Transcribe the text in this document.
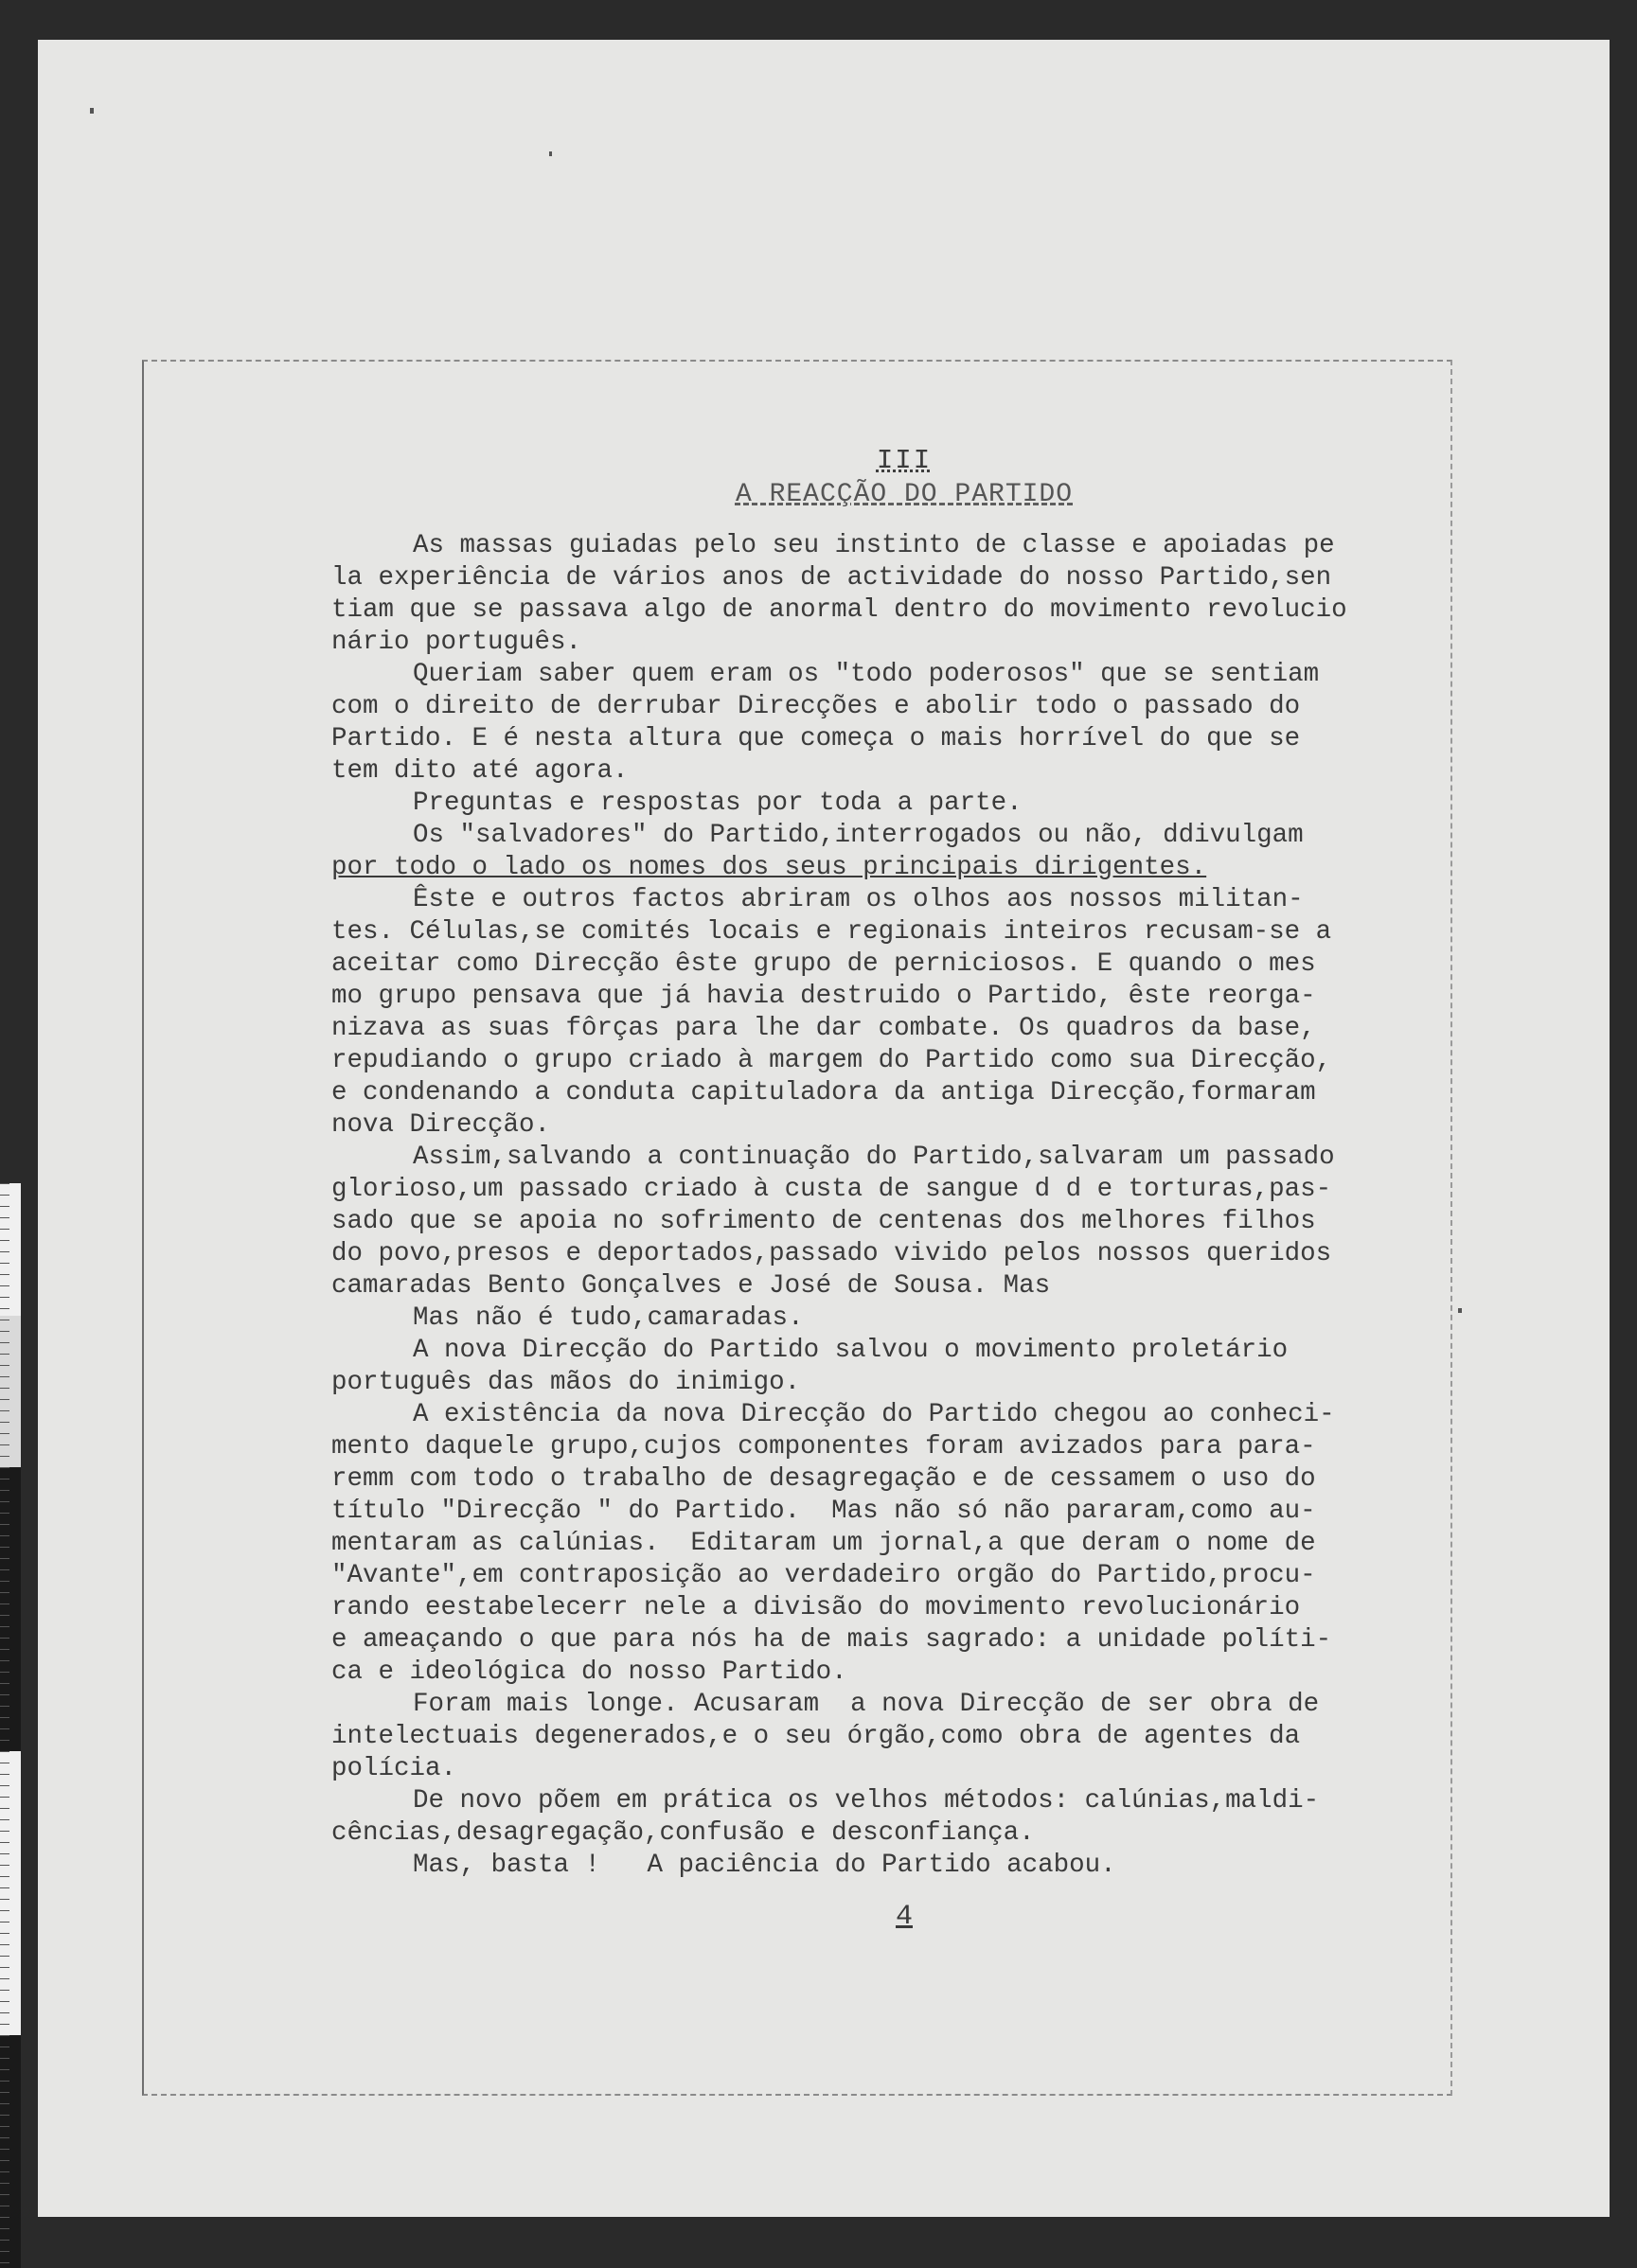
III
A REACÇÃO DO PARTIDO
As massas guiadas pelo seu instinto de classe e apoiadas pe
la experiência de vários anos de actividade do nosso Partido,sen
tiam que se passava algo de anormal dentro do movimento revolucio
nário português.
Queriam saber quem eram os "todo poderosos" que se sentiam
com o direito de derrubar Direcções e abolir todo o passado do
Partido. E é nesta altura que começa o mais horrível do que se
tem dito até agora.
Preguntas e respostas por toda a parte.
Os "salvadores" do Partido,interrogados ou não, ddivulgam
por todo o lado os nomes dos seus principais dirigentes.
Êste e outros factos abriram os olhos aos nossos militan-
tes. Células,se comités locais e regionais inteiros recusam-se a
aceitar como Direcção êste grupo de perniciosos. E quando o mes
mo grupo pensava que já havia destruido o Partido, êste reorga-
nizava as suas fôrças para lhe dar combate. Os quadros da base,
repudiando o grupo criado à margem do Partido como sua Direcção,
e condenando a conduta capituladora da antiga Direcção,formaram
nova Direcção.
Assim,salvando a continuação do Partido,salvaram um passado
glorioso,um passado criado à custa de sangue d d e torturas,pas-
sado que se apoia no sofrimento de centenas dos melhores filhos
do povo,presos e deportados,passado vivido pelos nossos queridos
camaradas Bento Gonçalves e José de Sousa. Mas
Mas não é tudo,camaradas.
A nova Direcção do Partido salvou o movimento proletário
português das mãos do inimigo.
A existência da nova Direcção do Partido chegou ao conheci-
mento daquele grupo,cujos componentes foram avizados para para-
remm com todo o trabalho de desagregação e de cessamem o uso do
título "Direcção " do Partido.  Mas não só não pararam,como au-
mentaram as calúnias.  Editaram um jornal,a que deram o nome de
"Avante",em contraposição ao verdadeiro orgão do Partido,procu-
rando eestabelecerr nele a divisão do movimento revolucionário
e ameaçando o que para nós ha de mais sagrado: a unidade políti-
ca e ideológica do nosso Partido.
Foram mais longe. Acusaram  a nova Direcção de ser obra de
intelectuais degenerados,e o seu órgão,como obra de agentes da
polícia.
De novo põem em prática os velhos métodos: calúnias,maldi-
cências,desagregação,confusão e desconfiança.
Mas, basta !   A paciência do Partido acabou.
4
